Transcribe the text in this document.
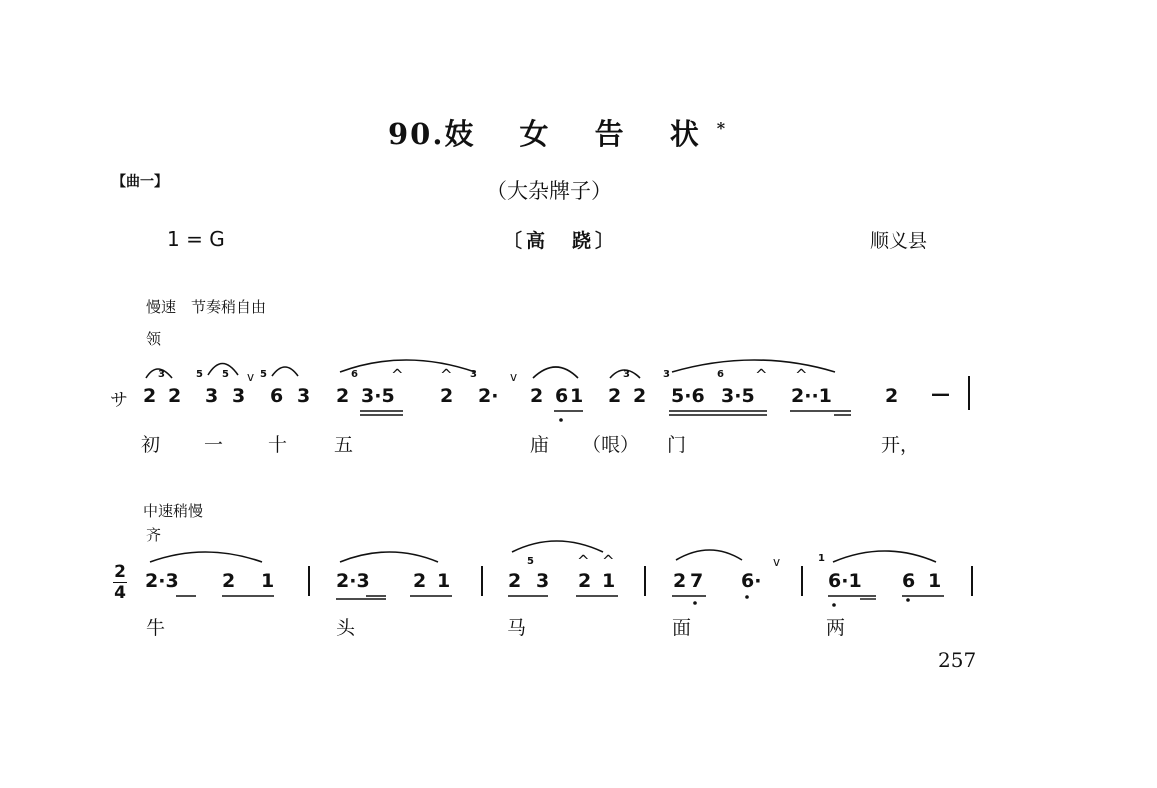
90.妓 女 告 状*
（大杂牌子）
【曲一】
1 = G	〔高　跷〕	顺义县
慢速　节奏稍自由
领
サ 2 2 3 3 6 3 2 3·5 2 2· 2 6 1 2 2 5·6 3·5 2··1	2 —
3	5 5	5	6	3	3	3	6
^ ^	^ ^
v	v
初 一 十 五	庙 （哏） 门	开，
中速稍慢
齐
2
4
2·3 2 1	2·3 2 1	2 3 2 1	2 7 6·	6·1 6 1
5	1
^ ^	v
牛	头	马	面	两
257
